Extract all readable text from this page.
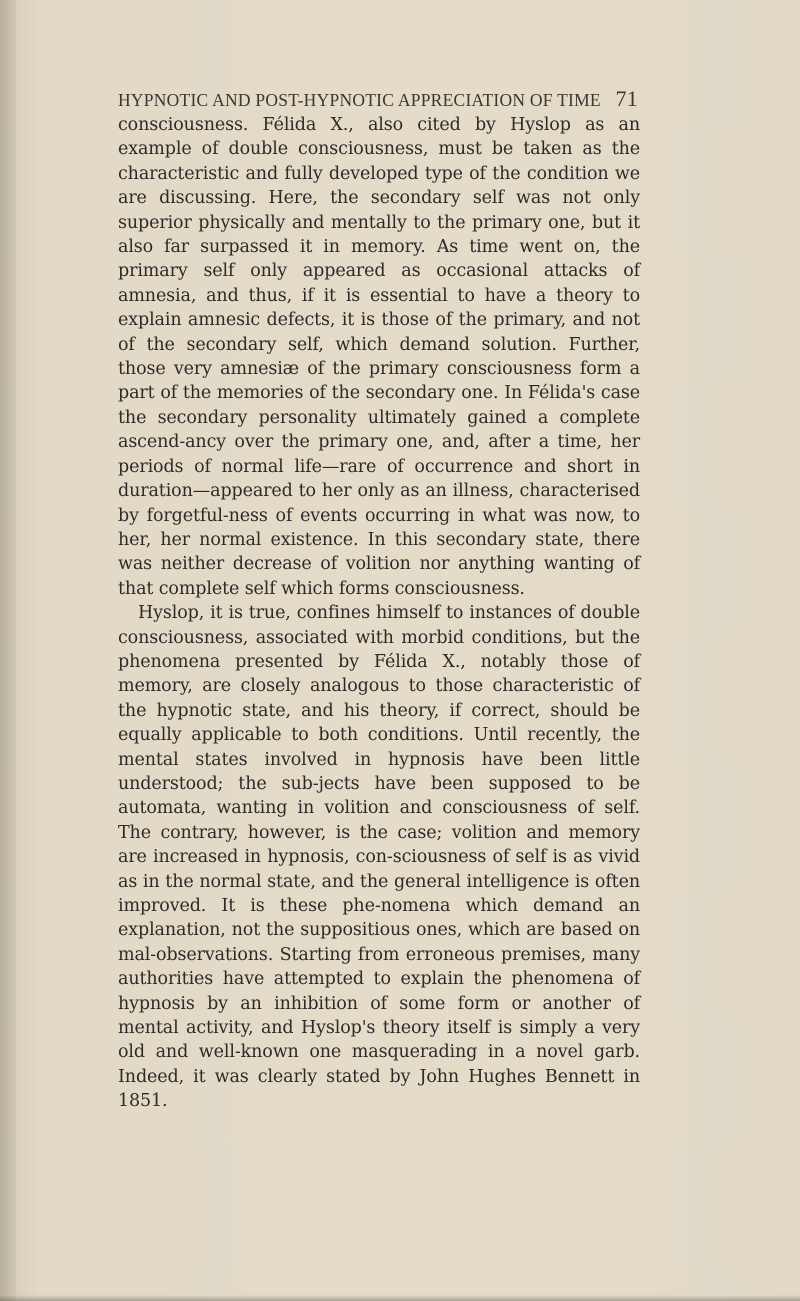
HYPNOTIC AND POST-HYPNOTIC APPRECIATION OF TIME 71

consciousness. Félida X., also cited by Hyslop as an example of double consciousness, must be taken as the characteristic and fully developed type of the condition we are discussing. Here, the secondary self was not only superior physically and mentally to the primary one, but it also far surpassed it in memory. As time went on, the primary self only appeared as occasional attacks of amnesia, and thus, if it is essential to have a theory to explain amnesic defects, it is those of the primary, and not of the secondary self, which demand solution. Further, those very amnesiæ of the primary consciousness form a part of the memories of the secondary one. In Félida's case the secondary personality ultimately gained a complete ascend-ancy over the primary one, and, after a time, her periods of normal life—rare of occurrence and short in duration—appeared to her only as an illness, characterised by forgetful-ness of events occurring in what was now, to her, her normal existence. In this secondary state, there was neither decrease of volition nor anything wanting of that complete self which forms consciousness.

Hyslop, it is true, confines himself to instances of double consciousness, associated with morbid conditions, but the phenomena presented by Félida X., notably those of memory, are closely analogous to those characteristic of the hypnotic state, and his theory, if correct, should be equally applicable to both conditions. Until recently, the mental states involved in hypnosis have been little understood; the sub-jects have been supposed to be automata, wanting in volition and consciousness of self. The contrary, however, is the case; volition and memory are increased in hypnosis, con-sciousness of self is as vivid as in the normal state, and the general intelligence is often improved. It is these phe-nomena which demand an explanation, not the suppositious ones, which are based on mal-observations. Starting from erroneous premises, many authorities have attempted to explain the phenomena of hypnosis by an inhibition of some form or another of mental activity, and Hyslop's theory itself is simply a very old and well-known one masquerading in a novel garb. Indeed, it was clearly stated by John Hughes Bennett in 1851.
